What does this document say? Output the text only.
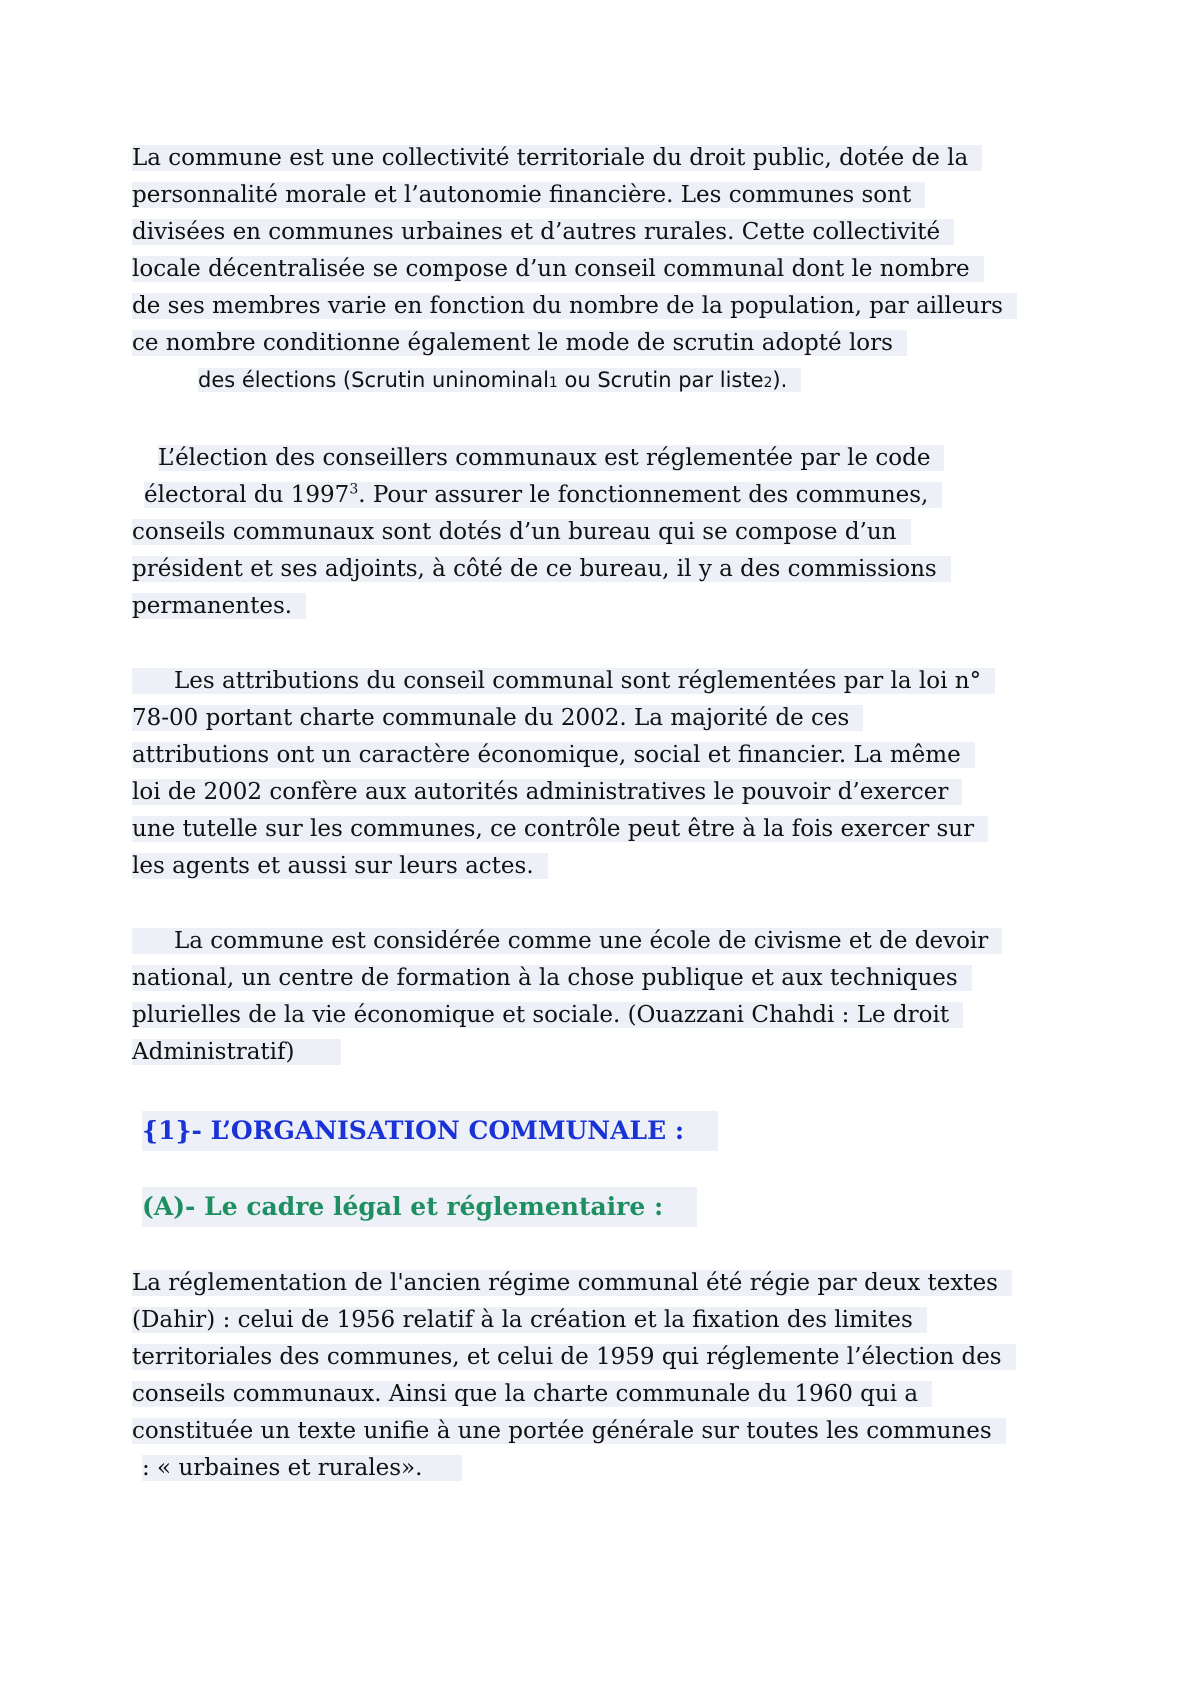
La commune est une collectivité territoriale du droit public, dotée de la
personnalité morale et l’autonomie financière. Les communes sont
divisées en communes urbaines et d’autres rurales. Cette collectivité
locale décentralisée se compose d’un conseil communal dont le nombre
de ses membres varie en fonction du nombre de la population, par ailleurs
ce nombre conditionne également le mode de scrutin adopté lors
des élections (Scrutin uninominal1 ou Scrutin par liste2).
L’élection des conseillers communaux est réglementée par le code
électoral du 1997$^3$. Pour assurer le fonctionnement des communes,
conseils communaux sont dotés d’un bureau qui se compose d’un
président et ses adjoints, à côté de ce bureau, il y a des commissions
permanentes.
Les attributions du conseil communal sont réglementées par la loi n°
78-00 portant charte communale du 2002. La majorité de ces
attributions ont un caractère économique, social et financier. La même
loi de 2002 confère aux autorités administratives le pouvoir d’exercer
une tutelle sur les communes, ce contrôle peut être à la fois exercer sur
les agents et aussi sur leurs actes.
La commune est considérée comme une école de civisme et de devoir
national, un centre de formation à la chose publique et aux techniques
plurielles de la vie économique et sociale. (Ouazzani Chahdi : Le droit
Administratif)
{1}- L’ORGANISATION COMMUNALE :
(A)- Le cadre légal et réglementaire :
La réglementation de l'ancien régime communal été régie par deux textes
(Dahir) : celui de 1956 relatif à la création et la fixation des limites
territoriales des communes, et celui de 1959 qui réglemente l’élection des
conseils communaux. Ainsi que la charte communale du 1960 qui a
constituée un texte unifie à une portée générale sur toutes les communes
: « urbaines et rurales».
